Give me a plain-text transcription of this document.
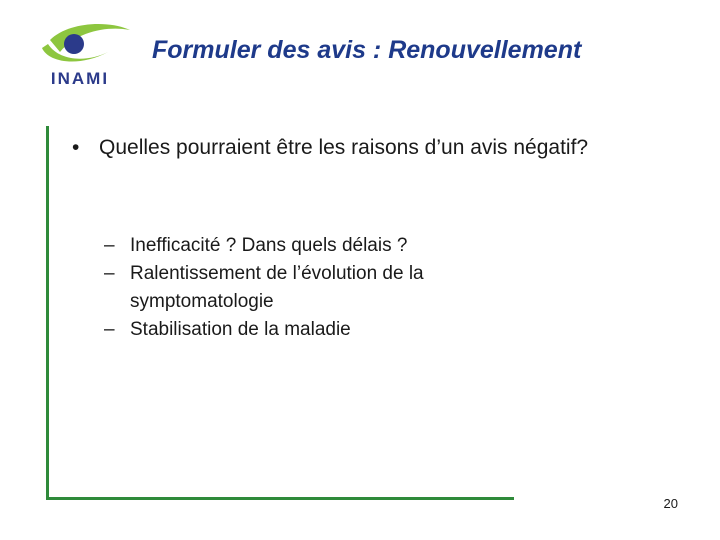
INAMI
Formuler des avis : Renouvellement
• Quelles pourraient être les raisons d’un avis négatif?
– Inefficacité ? Dans quels délais ?
– Ralentissement de l’évolution de la symptomatologie
– Stabilisation de la maladie
20
